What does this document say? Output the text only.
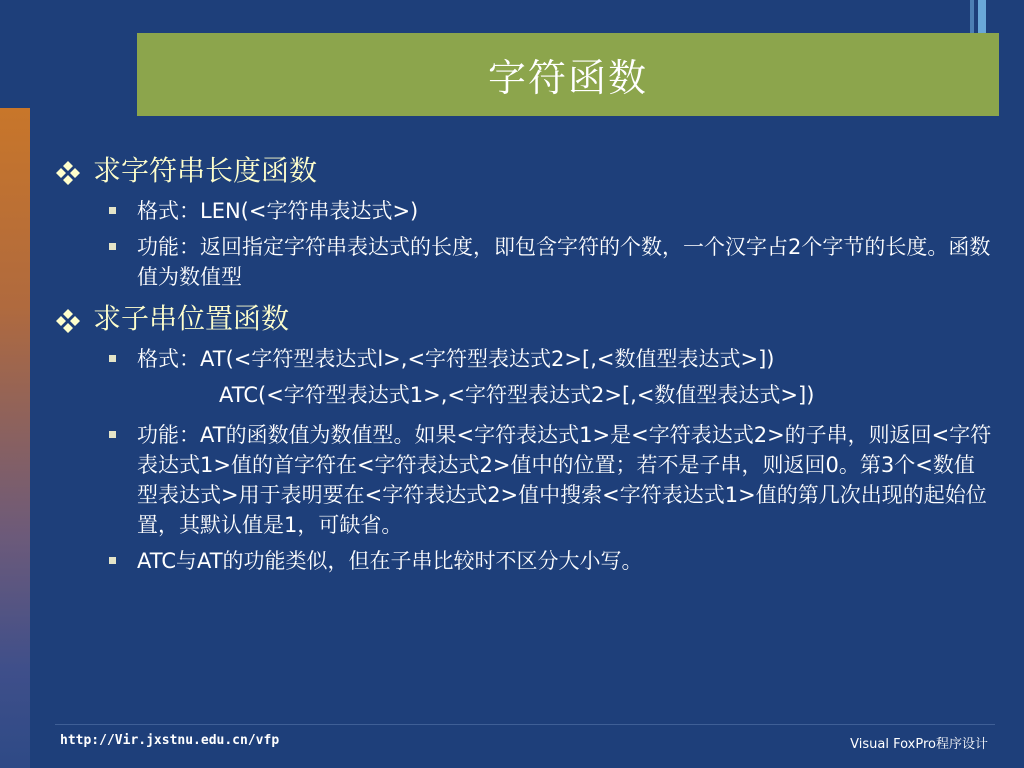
字符函数
求字符串长度函数
格式：LEN(<字符串表达式>)
功能：返回指定字符串表达式的长度，即包含字符的个数，一个汉字占2个字节的长度。函数值为数值型
求子串位置函数
格式：AT(<字符型表达式l>,<字符型表达式2>[,<数值型表达式>])
ATC(<字符型表达式1>,<字符型表达式2>[,<数值型表达式>])
功能：AT的函数值为数值型。如果<字符表达式1>是<字符表达式2>的子串，则返回<字符表达式1>值的首字符在<字符表达式2>值中的位置；若不是子串，则返回0。第3个<数值型表达式>用于表明要在<字符表达式2>值中搜索<字符表达式1>值的第几次出现的起始位置，其默认值是1，可缺省。
ATC与AT的功能类似，但在子串比较时不区分大小写。
http://Vir.jxstnu.edu.cn/vfp	Visual FoxPro程序设计
